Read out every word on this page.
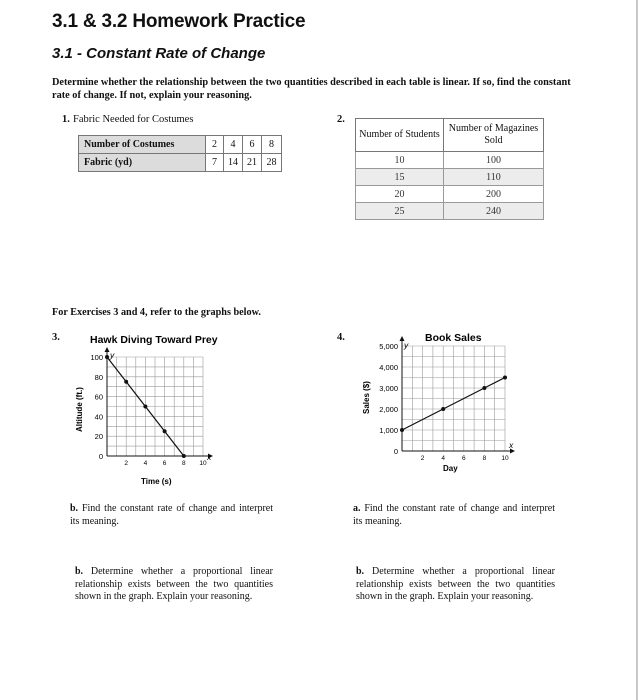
3.1 & 3.2 Homework Practice
3.1 - Constant Rate of Change
Determine whether the relationship between the two quantities described in each table is linear. If so, find the constant rate of change. If not, explain your reasoning.
1. Fabric Needed for Costumes
Number of Costumes	2	4	6	8
Fabric (yd)	7	14	21	28
2.
Number of Students	Number of Magazines Sold
10	100
15	110
20	200
25	240
For Exercises 3 and 4, refer to the graphs below.
3.	Hawk Diving Toward Prey
100
80
60
40
20
0
2 4 6 8 10
y
x
Altitude (ft.)
Time (s)
4.	Book Sales
5,000
4,000
3,000
2,000
1,000
0
2	4	6	8 10
y
x
Sales ($)
Day
b. Find the constant rate of change and interpret its meaning.
a. Find the constant rate of change and interpret its meaning.
b. Determine whether a proportional linear relationship exists between the two quantities shown in the graph. Explain your reasoning.
b. Determine whether a proportional linear relationship exists between the two quantities shown in the graph. Explain your reasoning.
